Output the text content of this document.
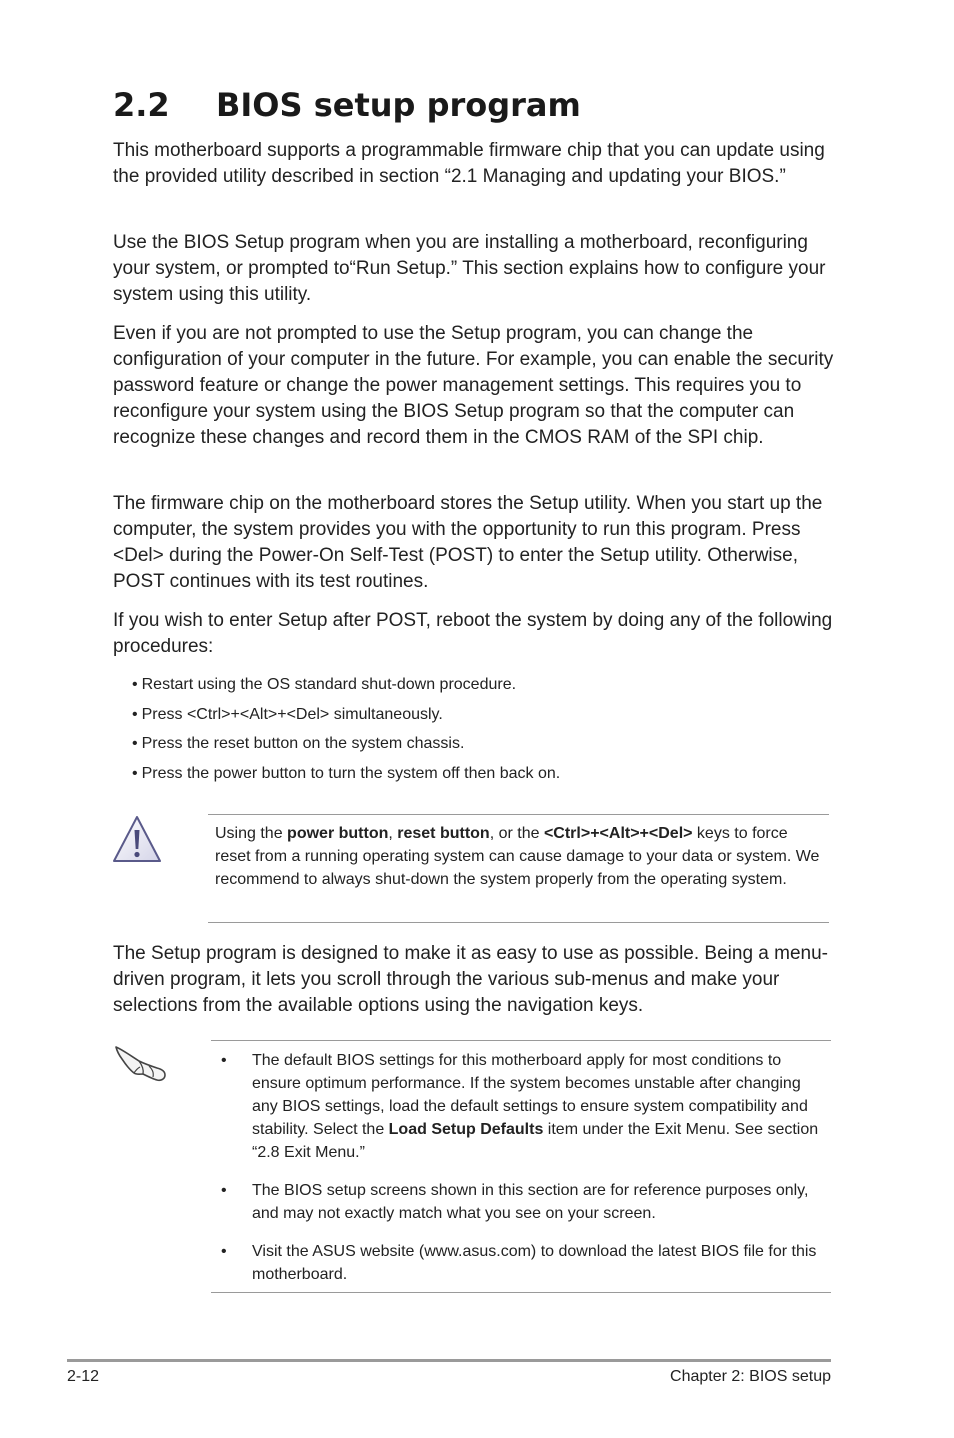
2.2 BIOS setup program

This motherboard supports a programmable firmware chip that you can update using the provided utility described in section “2.1 Managing and updating your BIOS.”

Use the BIOS Setup program when you are installing a motherboard, reconfiguring your system, or prompted to“Run Setup.” This section explains how to configure your system using this utility.

Even if you are not prompted to use the Setup program, you can change the configuration of your computer in the future. For example, you can enable the security password feature or change the power management settings. This requires you to reconfigure your system using the BIOS Setup program so that the computer can recognize these changes and record them in the CMOS RAM of the SPI chip.

The firmware chip on the motherboard stores the Setup utility. When you start up the computer, the system provides you with the opportunity to run this program. Press <Del> during the Power-On Self-Test (POST) to enter the Setup utility. Otherwise, POST continues with its test routines.

If you wish to enter Setup after POST, reboot the system by doing any of the following procedures:

• Restart using the OS standard shut-down procedure.
• Press <Ctrl>+<Alt>+<Del> simultaneously.
• Press the reset button on the system chassis.
• Press the power button to turn the system off then back on.

Using the power button, reset button, or the <Ctrl>+<Alt>+<Del> keys to force reset from a running operating system can cause damage to your data or system. We recommend to always shut-down the system properly from the operating system.

The Setup program is designed to make it as easy to use as possible. Being a menu-driven program, it lets you scroll through the various sub-menus and make your selections from the available options using the navigation keys.

• The default BIOS settings for this motherboard apply for most conditions to ensure optimum performance. If the system becomes unstable after changing any BIOS settings, load the default settings to ensure system compatibility and stability. Select the Load Setup Defaults item under the Exit Menu. See section “2.8 Exit Menu.”
• The BIOS setup screens shown in this section are for reference purposes only, and may not exactly match what you see on your screen.
• Visit the ASUS website (www.asus.com) to download the latest BIOS file for this motherboard.
2-12	Chapter 2: BIOS setup
